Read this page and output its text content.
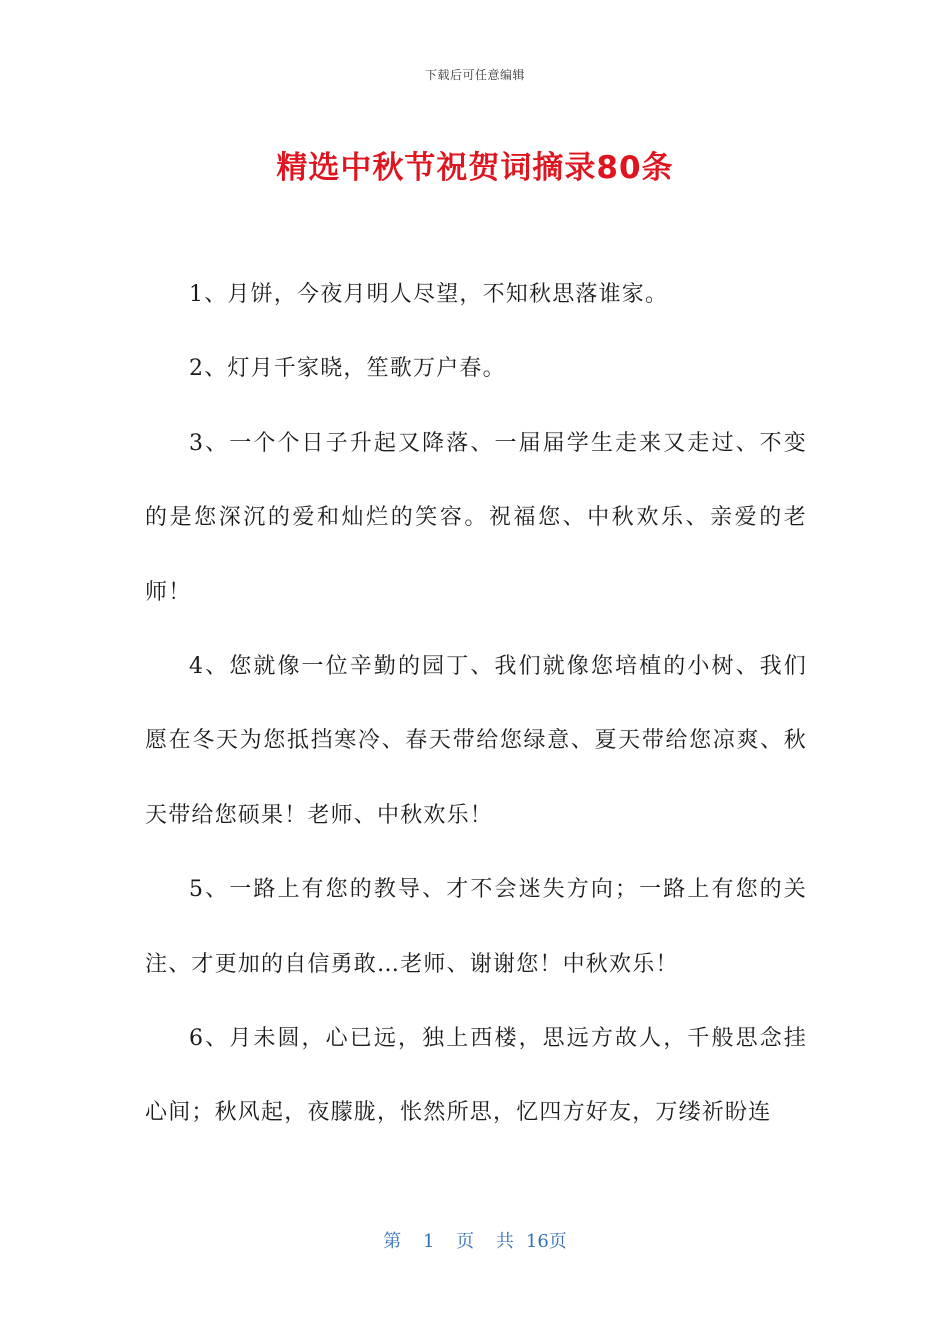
下载后可任意编辑
精选中秋节祝贺词摘录80条

1、月饼，今夜月明人尽望，不知秋思落谁家。

2、灯月千家晓，笙歌万户春。

3、一个个日子升起又降落、一届届学生走来又走过、不变的是您深沉的爱和灿烂的笑容。祝福您、中秋欢乐、亲爱的老师！

4、您就像一位辛勤的园丁、我们就像您培植的小树、我们愿在冬天为您抵挡寒冷、春天带给您绿意、夏天带给您凉爽、秋天带给您硕果！老师、中秋欢乐！

5、一路上有您的教导、才不会迷失方向；一路上有您的关注、才更加的自信勇敢…老师、谢谢您！中秋欢乐！

6、月未圆，心已远，独上西楼，思远方故人，千般思念挂心间；秋风起，夜朦胧，怅然所思，忆四方好友，万缕祈盼连

第 1 页 共 16页
